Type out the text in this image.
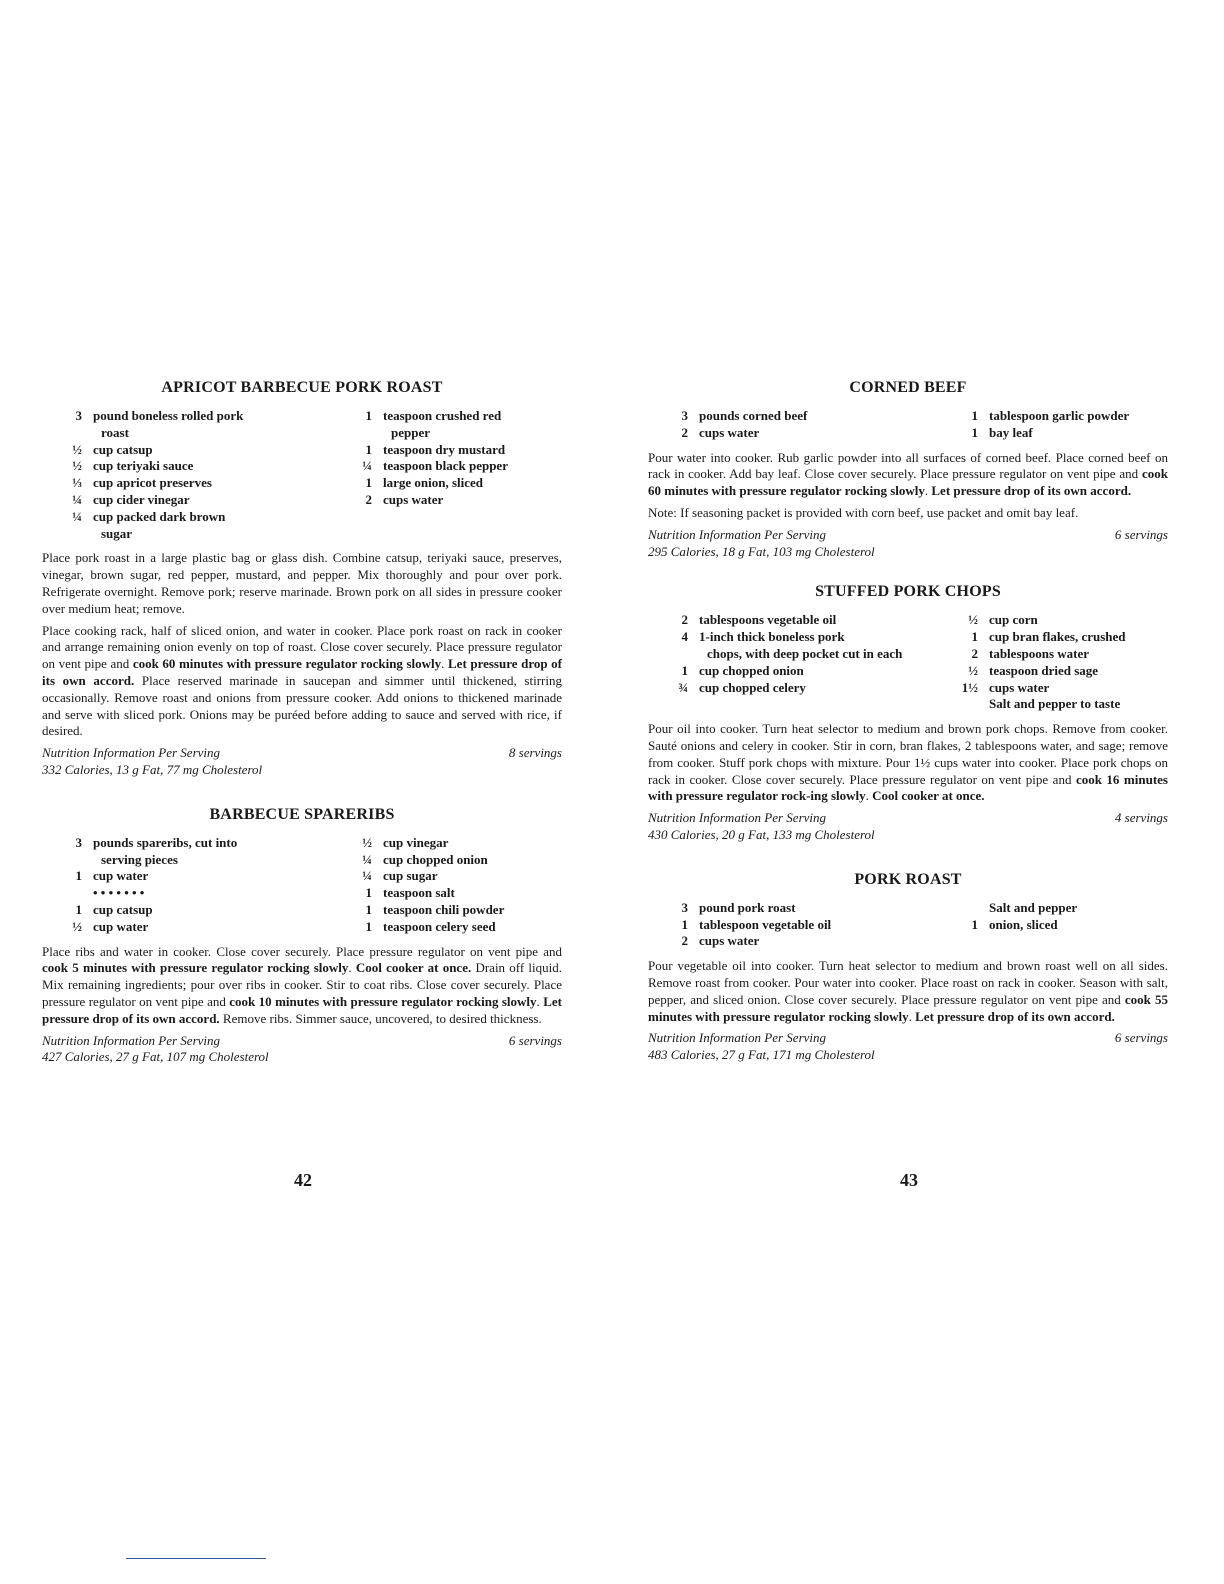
APRICOT BARBECUE PORK ROAST
3 pound boneless rolled pork
roast
½ cup catsup
½ cup teriyaki sauce
⅓ cup apricot preserves
¼ cup cider vinegar
¼ cup packed dark brown
sugar
1 teaspoon crushed red
pepper
1 teaspoon dry mustard
¼ teaspoon black pepper
1 large onion, sliced
2 cups water

Place pork roast in a large plastic bag or glass dish. Combine catsup, teriyaki sauce, preserves, vinegar, brown sugar, red pepper, mustard, and pepper. Mix thoroughly and pour over pork. Refrigerate overnight. Remove pork; reserve marinade. Brown pork on all sides in pressure cooker over medium heat; remove.

Place cooking rack, half of sliced onion, and water in cooker. Place pork roast on rack in cooker and arrange remaining onion evenly on top of roast. Close cover securely. Place pressure regulator on vent pipe and cook 60 minutes with pressure regulator rocking slowly. Let pressure drop of its own accord. Place reserved marinade in saucepan and simmer until thickened, stirring occasionally. Remove roast and onions from pressure cooker. Add onions to thickened marinade and serve with sliced pork. Onions may be puréed before adding to sauce and served with rice, if desired.

Nutrition Information Per Serving	8 servings
332 Calories, 13 g Fat, 77 mg Cholesterol
BARBECUE SPARERIBS
3 pounds spareribs, cut into
serving pieces
1 cup water
• • • • • • •
1 cup catsup
½ cup water
½ cup vinegar
¼ cup chopped onion
¼ cup sugar
1 teaspoon salt
1 teaspoon chili powder
1 teaspoon celery seed

Place ribs and water in cooker. Close cover securely. Place pressure regulator on vent pipe and cook 5 minutes with pressure regulator rocking slowly. Cool cooker at once. Drain off liquid. Mix remaining ingredients; pour over ribs in cooker. Stir to coat ribs. Close cover securely. Place pressure regulator on vent pipe and cook 10 minutes with pressure regulator rocking slowly. Let pressure drop of its own accord. Remove ribs. Simmer sauce, uncovered, to desired thickness.

Nutrition Information Per Serving	6 servings
427 Calories, 27 g Fat, 107 mg Cholesterol
CORNED BEEF
3 pounds corned beef
2 cups water
1 tablespoon garlic powder
1 bay leaf

Pour water into cooker. Rub garlic powder into all surfaces of corned beef. Place corned beef on rack in cooker. Add bay leaf. Close cover securely. Place pressure regulator on vent pipe and cook 60 minutes with pressure regulator rocking slowly. Let pressure drop of its own accord.

Note: If seasoning packet is provided with corn beef, use packet and omit bay leaf.

Nutrition Information Per Serving	6 servings
295 Calories, 18 g Fat, 103 mg Cholesterol
STUFFED PORK CHOPS
2 tablespoons vegetable oil
4 1-inch thick boneless pork
chops, with deep pocket cut in each
1 cup chopped onion
¾ cup chopped celery
½ cup corn
1 cup bran flakes, crushed
2 tablespoons water
½ teaspoon dried sage
1½ cups water
Salt and pepper to taste

Pour oil into cooker. Turn heat selector to medium and brown pork chops. Remove from cooker. Sauté onions and celery in cooker. Stir in corn, bran flakes, 2 tablespoons water, and sage; remove from cooker. Stuff pork chops with mixture. Pour 1½ cups water into cooker. Place pork chops on rack in cooker. Close cover securely. Place pressure regulator on vent pipe and cook 16 minutes with pressure regulator rock-ing slowly. Cool cooker at once.

Nutrition Information Per Serving	4 servings
430 Calories, 20 g Fat, 133 mg Cholesterol
PORK ROAST
3 pound pork roast
1 tablespoon vegetable oil
2 cups water
Salt and pepper
1 onion, sliced

Pour vegetable oil into cooker. Turn heat selector to medium and brown roast well on all sides. Remove roast from cooker. Pour water into cooker. Place roast on rack in cooker. Season with salt, pepper, and sliced onion. Close cover securely. Place pressure regulator on vent pipe and cook 55 minutes with pressure regulator rocking slowly. Let pressure drop of its own accord.

Nutrition Information Per Serving	6 servings
483 Calories, 27 g Fat, 171 mg Cholesterol
42	43
